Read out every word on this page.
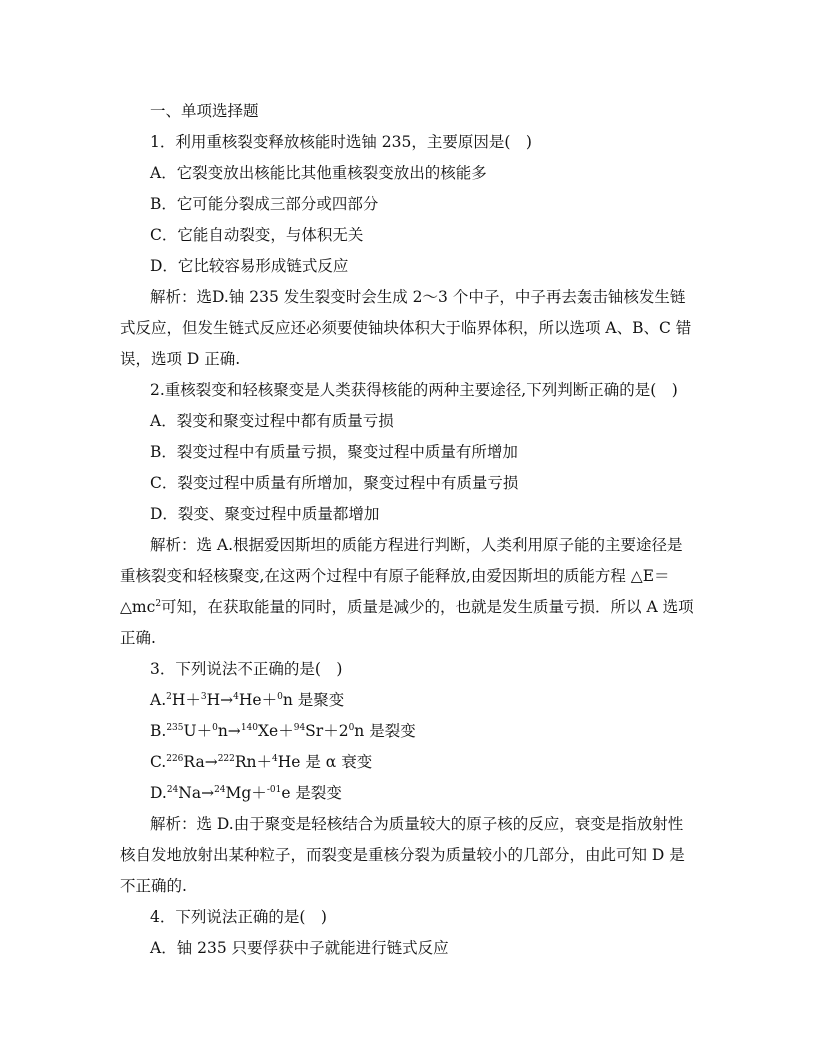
一、单项选择题
1．利用重核裂变释放核能时选铀 235，主要原因是(　)
A．它裂变放出核能比其他重核裂变放出的核能多
B．它可能分裂成三部分或四部分
C．它能自动裂变，与体积无关
D．它比较容易形成链式反应
解析：选D.铀 235 发生裂变时会生成 2～3 个中子，中子再去轰击铀核发生链
式反应，但发生链式反应还必须要使铀块体积大于临界体积，所以选项 A、B、C 错
误，选项 D 正确.
2.重核裂变和轻核聚变是人类获得核能的两种主要途径,下列判断正确的是(　)
A．裂变和聚变过程中都有质量亏损
B．裂变过程中有质量亏损，聚变过程中质量有所增加
C．裂变过程中质量有所增加，聚变过程中有质量亏损
D．裂变、聚变过程中质量都增加
解析：选 A.根据爱因斯坦的质能方程进行判断，人类利用原子能的主要途径是
重核裂变和轻核聚变,在这两个过程中有原子能释放,由爱因斯坦的质能方程 △E＝
$\triangle mc^2$可知，在获取能量的同时，质量是减少的，也就是发生质量亏损．所以 A 选项
正确.
3．下列说法不正确的是(　)
A.$^2$H＋$^3$H→$^4$He＋$^0$n 是聚变
$B.^{235}U+^0n\to^{140}Xe+^{94}Sr+2^0n$ 是裂变
C.$^{226}$Ra→$^{222}$Rn＋$^4$He 是 α 衰变
D.$^{24}$Na→$^{24}$Mg＋$^{-01}$e 是裂变
解析：选 D.由于聚变是轻核结合为质量较大的原子核的反应，衰变是指放射性
核自发地放射出某种粒子，而裂变是重核分裂为质量较小的几部分，由此可知 D 是
不正确的.
4．下列说法正确的是(　)
A．铀 235 只要俘获中子就能进行链式反应
